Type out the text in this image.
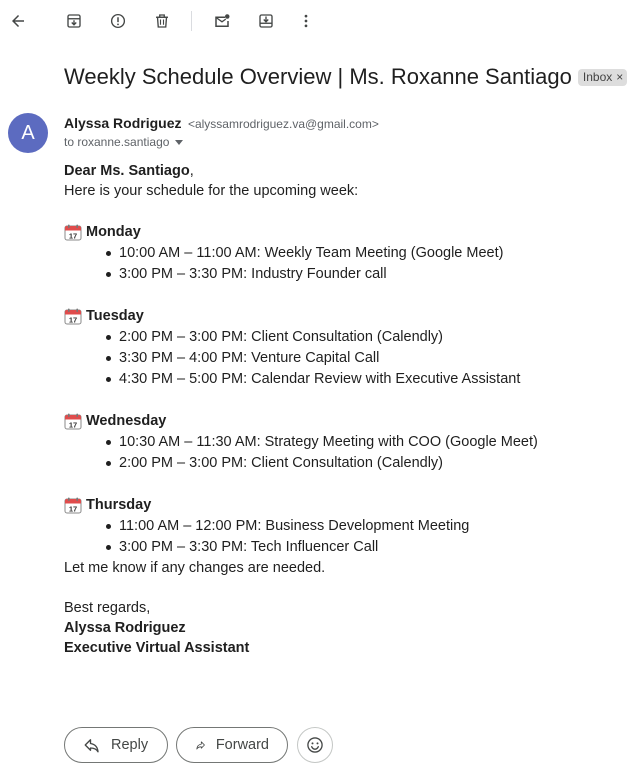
Weekly Schedule Overview | Ms. Roxanne Santiago Inbox ×
A	Alyssa Rodriguez <alyssamrodriguez.va@gmail.com>
to roxanne.santiago

Dear Ms. Santiago,

Here is your schedule for the upcoming week:

17 Monday
10:00 AM – 11:00 AM: Weekly Team Meeting (Google Meet)
3:00 PM – 3:30 PM: Industry Founder call
17 Tuesday
2:00 PM – 3:00 PM: Client Consultation (Calendly)
3:30 PM – 4:00 PM: Venture Capital Call
4:30 PM – 5:00 PM: Calendar Review with Executive Assistant
17 Wednesday
10:30 AM – 11:30 AM: Strategy Meeting with COO (Google Meet)
2:00 PM – 3:00 PM: Client Consultation (Calendly)
17 Thursday
11:00 AM – 12:00 PM: Business Development Meeting
3:00 PM – 3:30 PM: Tech Influencer Call

Let me know if any changes are needed.

Best regards,

Alyssa Rodriguez

Executive Virtual Assistant

Reply	Forward
